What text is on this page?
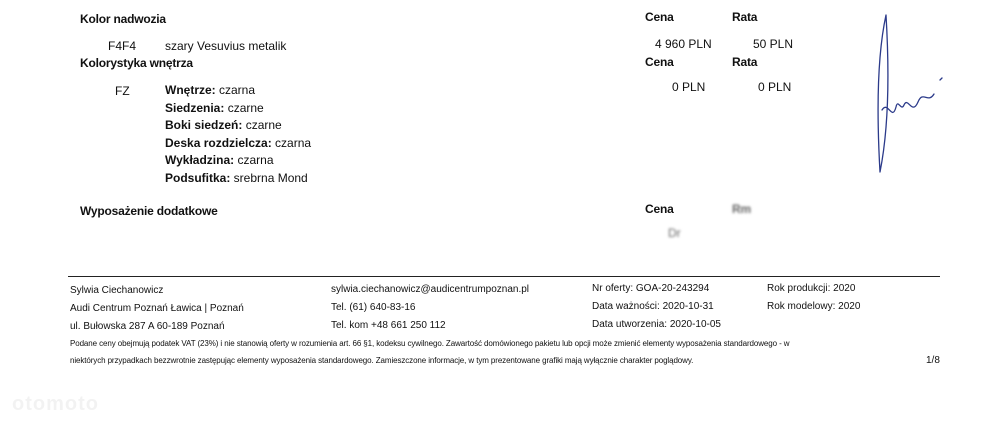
Kolor nadwozia	Cena	Rata
F4F4 szary Vesuvius metalik	4 960 PLN	50 PLN
Kolorystyka wnętrza	Cena	Rata
FZ	0 PLN	0 PLN
Wnętrze: czarna
Siedzenia: czarne
Boki siedzeń: czarne
Deska rozdzielcza: czarna
Wykładzina: czarna
Podsufitka: srebrna Mond
Wyposażenie dodatkowe	Cena	Rm
Dr
Sylwia Ciechanowicz
Audi Centrum Poznań Ławica | Poznań
ul. Bułowska 287 A 60-189 Poznań
sylwia.ciechanowicz@audicentrumpoznan.pl
Tel. (61) 640-83-16
Tel. kom +48 661 250 112
Nr oferty: GOA-20-243294
Data ważności: 2020-10-31
Data utworzenia: 2020-10-05
Rok produkcji: 2020
Rok modelowy: 2020
Podane ceny obejmują podatek VAT (23%) i nie stanowią oferty w rozumienia art. 66 §1, kodeksu cywilnego. Zawartość domówionego pakietu lub opcji może zmienić elementy wyposażenia standardowego - w
niektórych przypadkach bezzwrotnie zastępując elementy wyposażenia standardowego. Zamieszczone informacje, w tym prezentowane grafiki mają wyłącznie charakter poglądowy.	1/8
otomoto
